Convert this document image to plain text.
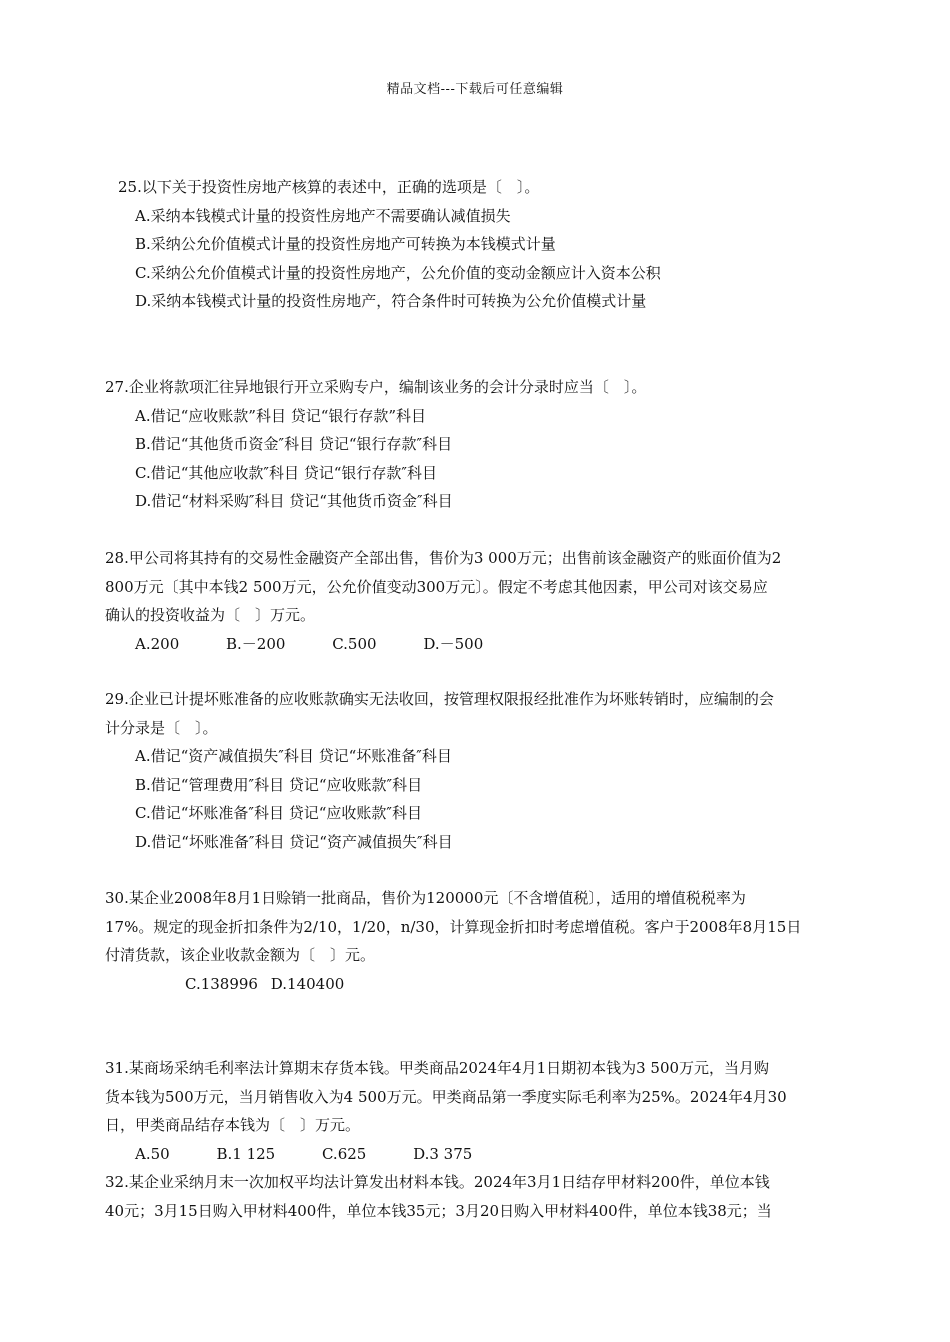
精品文档---下载后可任意编辑

25.以下关于投资性房地产核算的表述中，正确的选项是〔　〕。

A.采纳本钱模式计量的投资性房地产不需要确认减值损失

B.采纳公允价值模式计量的投资性房地产可转换为本钱模式计量

C.采纳公允价值模式计量的投资性房地产，公允价值的变动金额应计入资本公积

D.采纳本钱模式计量的投资性房地产，符合条件时可转换为公允价值模式计量

27.企业将款项汇往异地银行开立采购专户，编制该业务的会计分录时应当〔　〕。

A.借记“应收账款”科目 贷记“银行存款”科目

B.借记“其他货币资金″科目 贷记“银行存款″科目

C.借记“其他应收款″科目 贷记“银行存款″科目

D.借记“材料采购″科目 贷记“其他货币资金″科目

28.甲公司将其持有的交易性金融资产全部出售，售价为3 000万元；出售前该金融资产的账面价值为2

800万元〔其中本钱2 500万元，公允价值变动300万元〕。假定不考虑其他因素，甲公司对该交易应

确认的投资收益为〔　〕万元。

A.200	B.－200	C.500	D.－500

29.企业已计提坏账准备的应收账款确实无法收回，按管理权限报经批准作为坏账转销时，应编制的会

计分录是〔　〕。

A.借记“资产减值损失″科目 贷记“坏账准备″科目

B.借记“管理费用″科目 贷记“应收账款″科目

C.借记“坏账准备″科目 贷记“应收账款″科目

D.借记“坏账准备″科目 贷记“资产减值损失″科目

30.某企业2008年8月1日赊销一批商品，售价为120000元〔不含增值税〕，适用的增值税税率为

17%。规定的现金折扣条件为2/10，1/20，n/30，计算现金折扣时考虑增值税。客户于2008年8月15日

付清货款，该企业收款金额为〔　〕元。

C.138996 D.140400

31.某商场采纳毛利率法计算期末存货本钱。甲类商品2024年4月1日期初本钱为3 500万元，当月购

货本钱为500万元，当月销售收入为4 500万元。甲类商品第一季度实际毛利率为25%。2024年4月30

日，甲类商品结存本钱为〔　〕万元。

A.50	B.1 125	C.625	D.3 375

32.某企业采纳月末一次加权平均法计算发出材料本钱。2024年3月1日结存甲材料200件，单位本钱

40元；3月15日购入甲材料400件，单位本钱35元；3月20日购入甲材料400件，单位本钱38元；当
